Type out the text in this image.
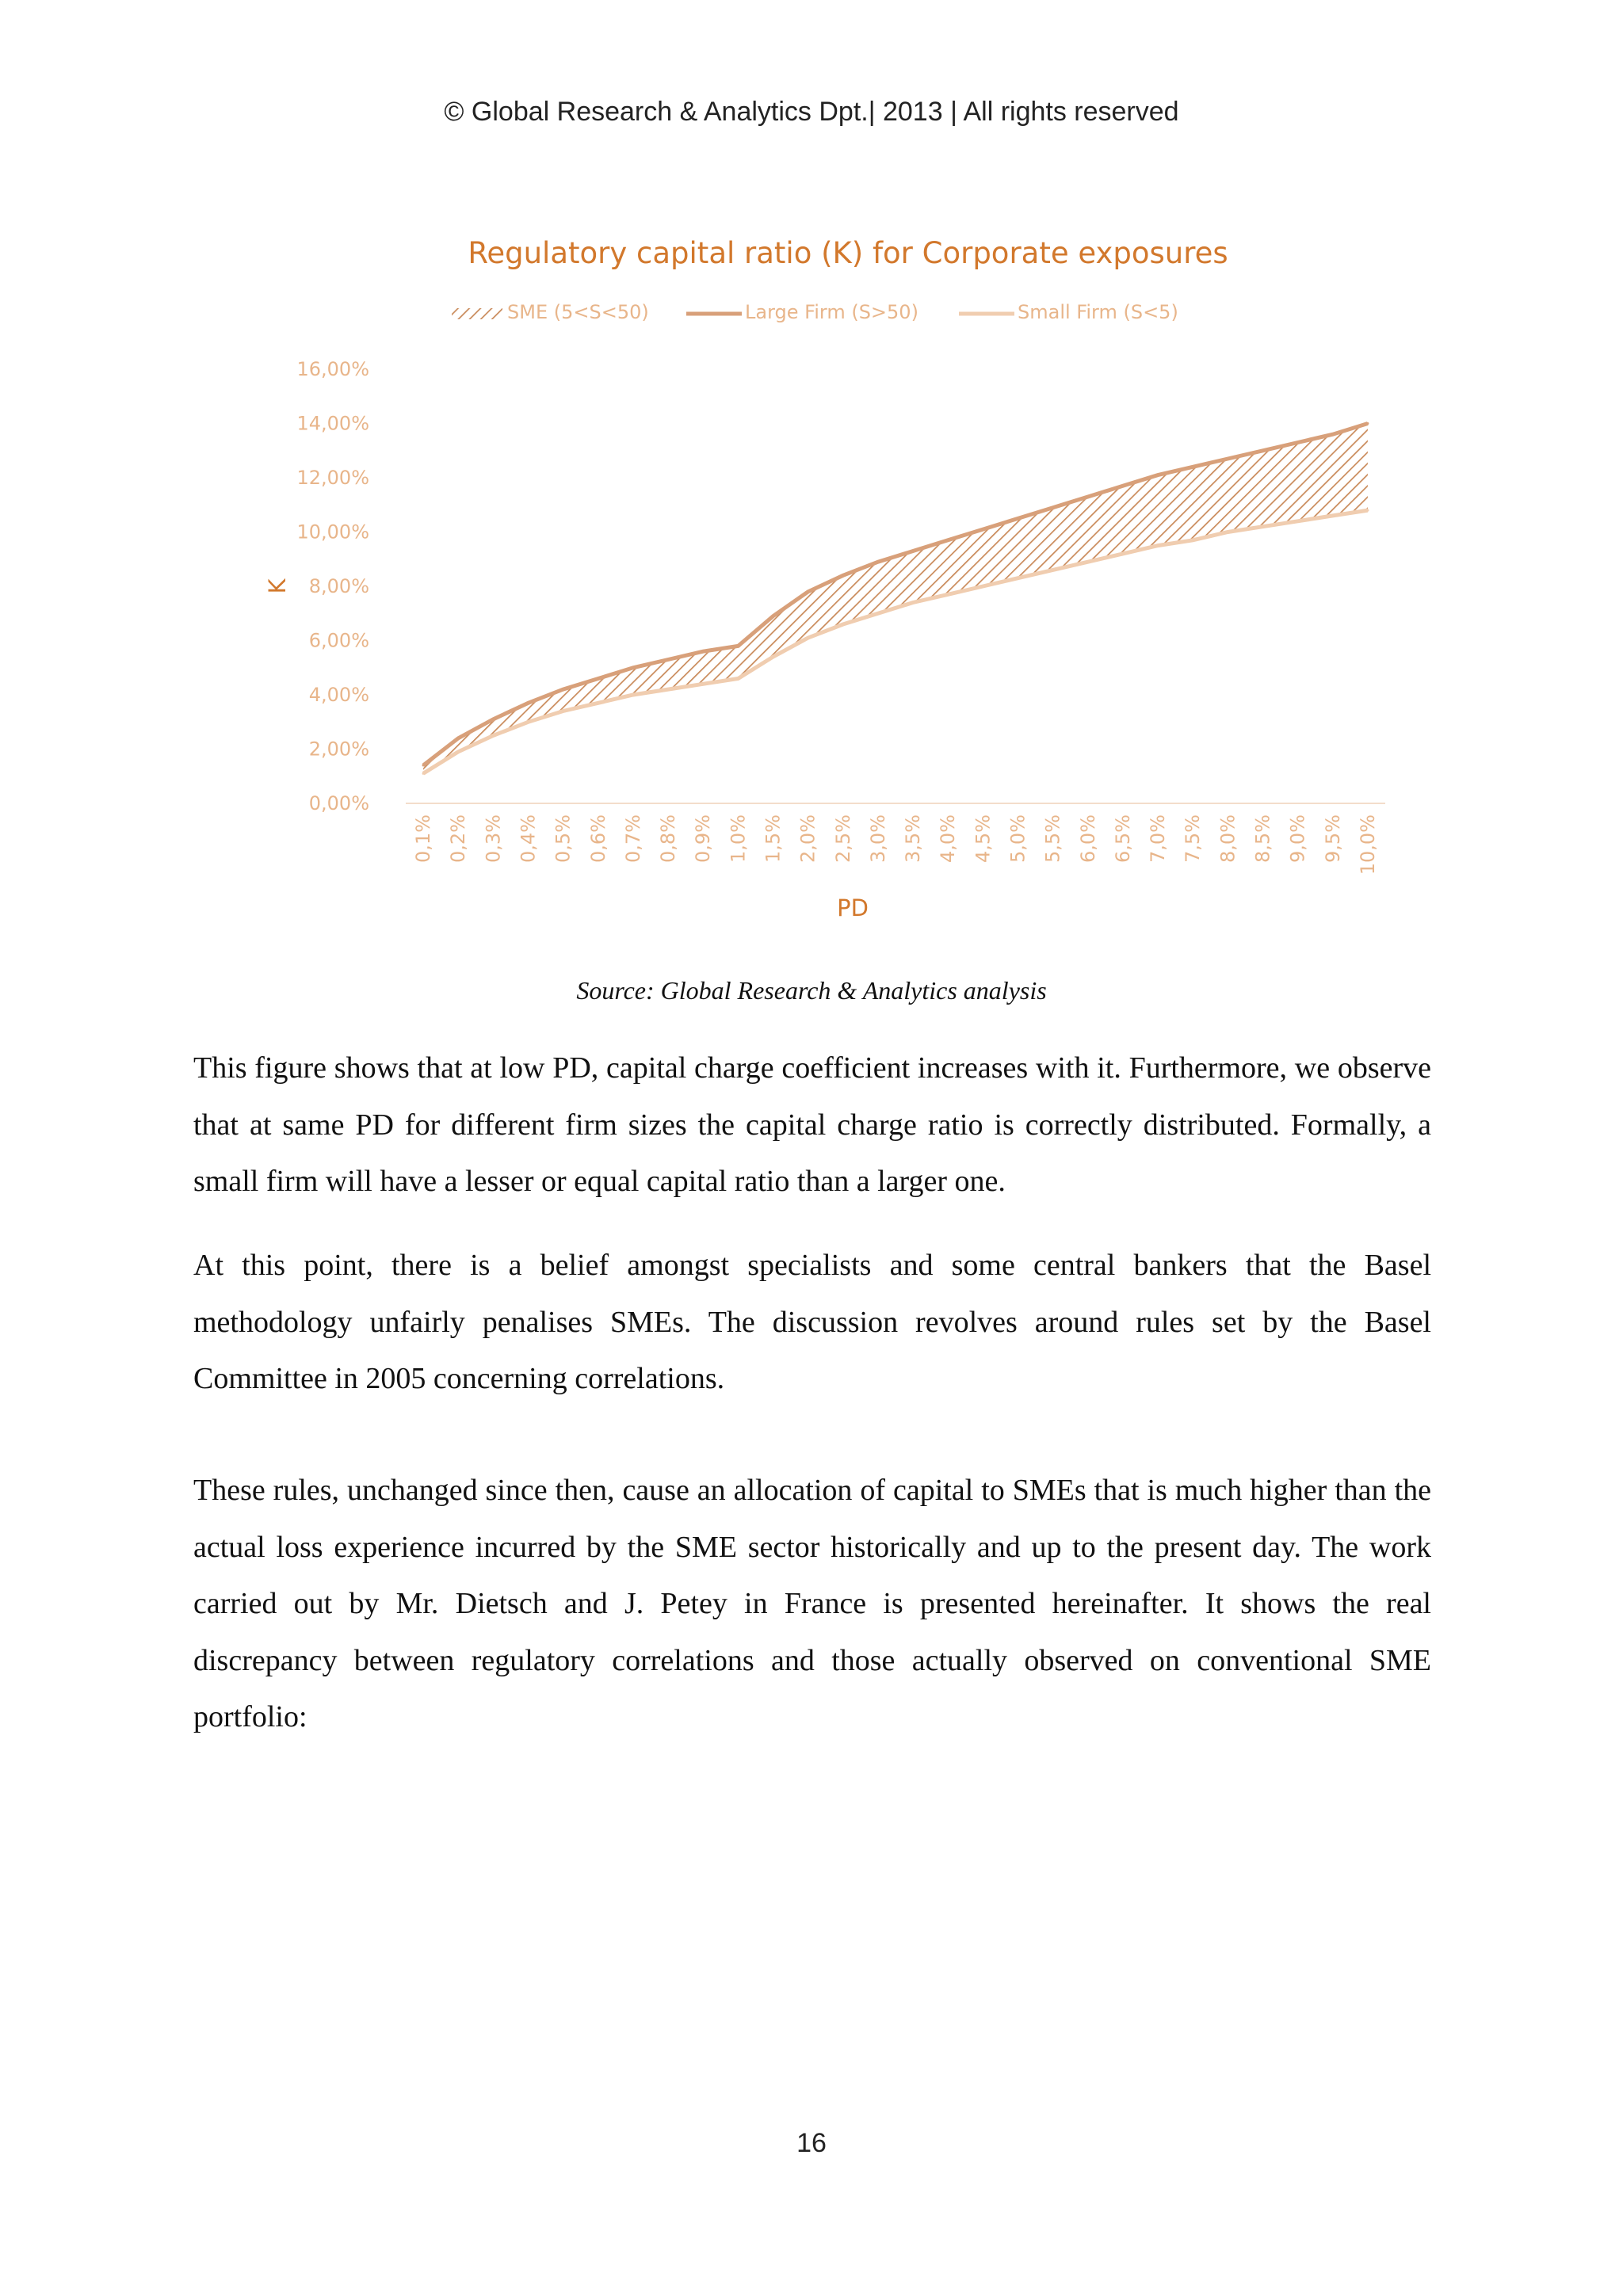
© Global Research & Analytics Dpt.| 2013 | All rights reserved
Regulatory capital ratio (K) for Corporate exposures
SME (5<S<50)	Large Firm (S>50)	Small Firm (S<5)
0,00%
2,00%
4,00%
6,00%
8,00%
10,00%
12,00%
14,00%
16,00%
K
0,1% 0,2% 0,3% 0,4% 0,5% 0,6% 0,7% 0,8% 0,9% 1,0% 1,5% 2,0% 2,5% 3,0% 3,5% 4,0% 4,5% 5,0% 5,5% 6,0% 6,5% 7,0% 7,5% 8,0% 8,5% 9,0% 9,5% 10,0%
PD
Source: Global Research & Analytics analysis

This figure shows that at low PD, capital charge coefficient increases with it. Furthermore, we observe that at same PD for different firm sizes the capital charge ratio is correctly distributed. Formally, a small firm will have a lesser or equal capital ratio than a larger one.

At this point, there is a belief amongst specialists and some central bankers that the Basel methodology unfairly penalises SMEs. The discussion revolves around rules set by the Basel Committee in 2005 concerning correlations.

These rules, unchanged since then, cause an allocation of capital to SMEs that is much higher than the actual loss experience incurred by the SME sector historically and up to the present day. The work carried out by Mr. Dietsch and J. Petey in France is presented hereinafter. It shows the real discrepancy between regulatory correlations and those actually observed on conventional SME portfolio:

16
